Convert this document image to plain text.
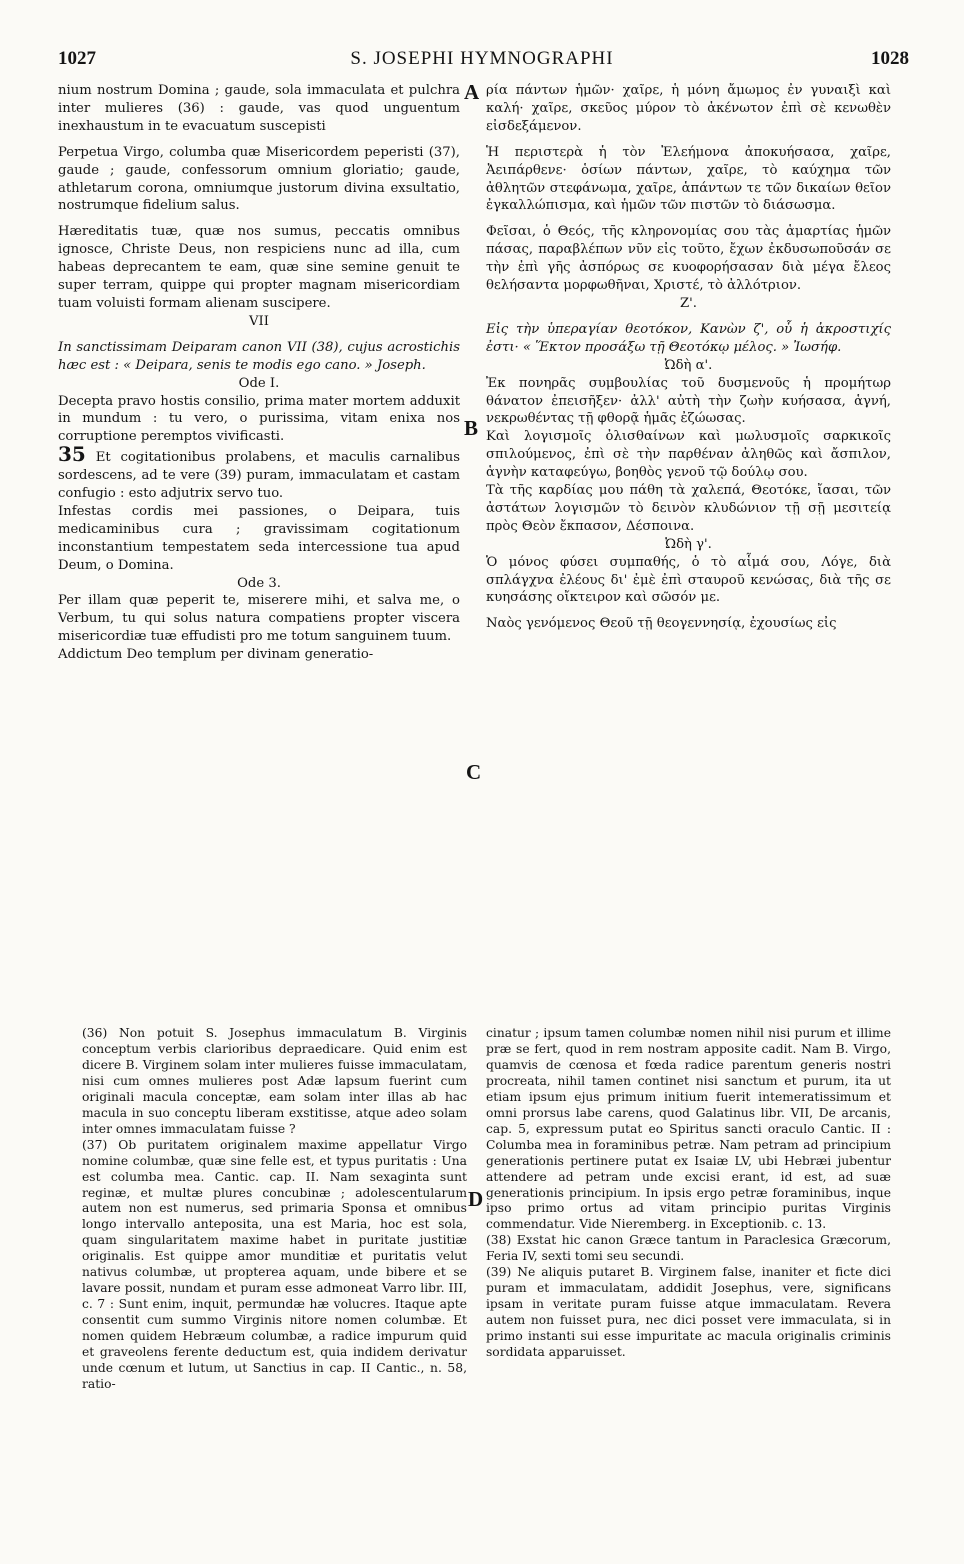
1027	S. JOSEPHI HYMNOGRAPHI	1028
A
B
C
D

nium nostrum Domina ; gaude, sola immaculata et pulchra inter mulieres (36) : gaude, vas quod unguentum inexhaustum in te evacuatum suscepisti

Perpetua Virgo, columba quæ Misericordem peperisti (37), gaude ; gaude, confessorum omnium gloriatio; gaude, athletarum corona, omniumque justorum divina exsultatio, nostrumque fidelium salus.

Hæreditatis tuæ, quæ nos sumus, peccatis omnibus ignosce, Christe Deus, non respiciens nunc ad illa, cum habeas deprecantem te eam, quæ sine semine genuit te super terram, quippe qui propter magnam misericordiam tuam voluisti formam alienam suscipere.

VII

In sanctissimam Deiparam canon VII (38), cujus acrostichis hæc est : « Deipara, senis te modis ego cano. » Joseph.

Ode I.

Decepta pravo hostis consilio, prima mater mortem adduxit in mundum : tu vero, o purissima, vitam enixa nos corruptione peremptos vivificasti.

35 Et cogitationibus prolabens, et maculis carnalibus sordescens, ad te vere (39) puram, immaculatam et castam confugio : esto adjutrix servo tuo.

Infestas cordis mei passiones, o Deipara, tuis medicaminibus cura ; gravissimam cogitationum inconstantium tempestatem seda intercessione tua apud Deum, o Domina.

Ode 3.

Per illam quæ peperit te, miserere mihi, et salva me, o Verbum, tu qui solus natura compatiens propter viscera misericordiæ tuæ effudisti pro me totum sanguinem tuum.

Addictum Deo templum per divinam generatio-

ρία πάντων ἡμῶν· χαῖρε, ἡ μόνη ἄμωμος ἐν γυναιξὶ καὶ καλή· χαῖρε, σκεῦος μύρον τὸ ἀκένωτον ἐπὶ σὲ κενωθὲν εἰσδεξάμενον.

Ἡ περιστερὰ ἡ τὸν Ἐλεήμονα ἀποκυήσασα, χαῖρε, Ἀειπάρθενε· ὁσίων πάντων, χαῖρε, τὸ καύχημα τῶν ἀθλητῶν στεφάνωμα, χαῖρε, ἁπάντων τε τῶν δικαίων θεῖον ἐγκαλλώπισμα, καὶ ἡμῶν τῶν πιστῶν τὸ διάσωσμα.

Φεῖσαι, ὁ Θεός, τῆς κληρονομίας σου τὰς ἁμαρτίας ἡμῶν πάσας, παραβλέπων νῦν εἰς τοῦτο, ἔχων ἐκδυσωποῦσάν σε τὴν ἐπὶ γῆς ἀσπόρως σε κυοφορήσασαν διὰ μέγα ἔλεος θελήσαντα μορφωθῆναι, Χριστέ, τὸ ἀλλότριον.

Ζ'.

Εἰς τὴν ὑπεραγίαν θεοτόκον, Κανὼν ζ', οὗ ἡ ἀκροστιχίς ἐστι· « Ἕκτον προσάξω τῇ Θεοτόκῳ μέλος. » Ἰωσήφ.

Ὠδὴ α'.

Ἐκ πονηρᾶς συμβουλίας τοῦ δυσμενοῦς ἡ προμήτωρ θάνατον ἐπεισῆξεν· ἀλλ' αὐτὴ τὴν ζωὴν κυήσασα, ἁγνή, νεκρωθέντας τῇ φθορᾷ ἡμᾶς ἐζώωσας.

Καὶ λογισμοῖς ὀλισθαίνων καὶ μωλυσμοῖς σαρκικοῖς σπιλούμενος, ἐπὶ σὲ τὴν παρθέναν ἀληθῶς καὶ ἄσπιλον, ἁγνὴν καταφεύγω, βοηθὸς γενοῦ τῷ δούλῳ σου.

Τὰ τῆς καρδίας μου πάθη τὰ χαλεπά, Θεοτόκε, ἴασαι, τῶν ἀστάτων λογισμῶν τὸ δεινὸν κλυδώνιον τῇ σῇ μεσιτείᾳ πρὸς Θεὸν ἔκπασον, Δέσποινα.

Ὠδὴ γ'.

Ὁ μόνος φύσει συμπαθής, ὁ τὸ αἷμά σου, Λόγε, διὰ σπλάγχνα ἐλέους δι' ἐμὲ ἐπὶ σταυροῦ κενώσας, διὰ τῆς σε κυησάσης οἴκτειρον καὶ σῶσόν με.

Ναὸς γενόμενος Θεοῦ τῇ θεογεννησίᾳ, ἐχουσίως εἰς

(36) Non potuit S. Josephus immaculatum B. Virginis conceptum verbis clarioribus depraedicare. Quid enim est dicere B. Virginem solam inter mulieres fuisse immaculatam, nisi cum omnes mulieres post Adæ lapsum fuerint cum originali macula conceptæ, eam solam inter illas ab hac macula in suo conceptu liberam exstitisse, atque adeo solam inter omnes immaculatam fuisse ?

(37) Ob puritatem originalem maxime appellatur Virgo nomine columbæ, quæ sine felle est, et typus puritatis : Una est columba mea. Cantic. cap. II. Nam sexaginta sunt reginæ, et multæ plures concubinæ ; adolescentularum autem non est numerus, sed primaria Sponsa et omnibus longo intervallo anteposita, una est Maria, hoc est sola, quam singularitatem maxime habet in puritate justitiæ originalis. Est quippe amor munditiæ et puritatis velut nativus columbæ, ut propterea aquam, unde bibere et se lavare possit, nundam et puram esse admoneat Varro libr. III, c. 7 : Sunt enim, inquit, permundæ hæ volucres. Itaque apte consentit cum summo Virginis nitore nomen columbæ. Et nomen quidem Hebræum columbæ, a radice impurum quid et graveolens ferente deductum est, quia indidem derivatur unde cœnum et lutum, ut Sanctius in cap. II Cantic., n. 58, ratio-

cinatur ; ipsum tamen columbæ nomen nihil nisi purum et illime præ se fert, quod in rem nostram apposite cadit. Nam B. Virgo, quamvis de cœnosa et fœda radice parentum generis nostri procreata, nihil tamen continet nisi sanctum et purum, ita ut etiam ipsum ejus primum initium fuerit intemeratissimum et omni prorsus labe carens, quod Galatinus libr. VII, De arcanis, cap. 5, expressum putat eo Spiritus sancti oraculo Cantic. II : Columba mea in foraminibus petræ. Nam petram ad principium generationis pertinere putat ex Isaiæ LV, ubi Hebræi jubentur attendere ad petram unde excisi erant, id est, ad suæ generationis principium. In ipsis ergo petræ foraminibus, inque ipso primo ortus ad vitam principio puritas Virginis commendatur. Vide Nieremberg. in Exceptionib. c. 13.

(38) Exstat hic canon Græce tantum in Paraclesica Græcorum, Feria IV, sexti tomi seu secundi.

(39) Ne aliquis putaret B. Virginem false, inaniter et ficte dici puram et immaculatam, addidit Josephus, vere, significans ipsam in veritate puram fuisse atque immaculatam. Revera autem non fuisset pura, nec dici posset vere immaculata, si in primo instanti sui esse impuritate ac macula originalis criminis sordidata apparuisset.
